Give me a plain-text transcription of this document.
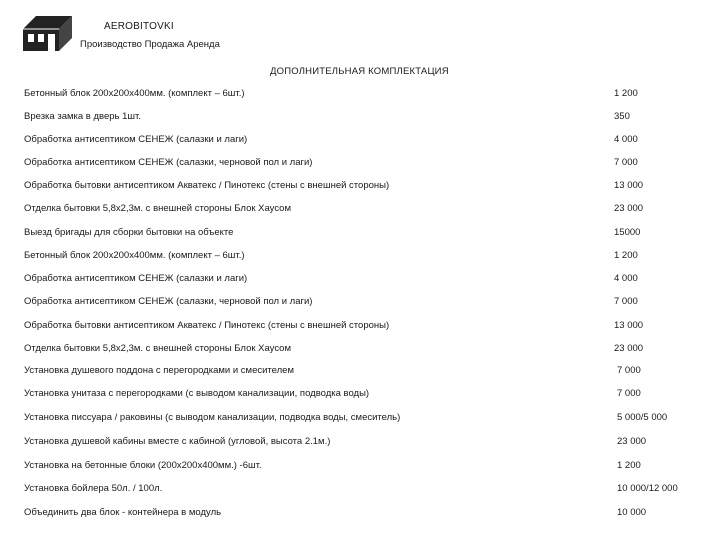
AEROBITOVKI
Производство Продажа Аренда
ДОПОЛНИТЕЛЬНАЯ КОМПЛЕКТАЦИЯ
Бетонный блок 200х200х400мм. (комплект – 6шт.)	1 200
Врезка замка в дверь 1шт.	350
Обработка антисептиком СЕНЕЖ (салазки и лаги)	4 000
Обработка антисептиком СЕНЕЖ (салазки, черновой пол и лаги)	7 000
Обработка бытовки антисептиком Акватекс / Пинотекс (стены с внешней стороны)	13 000
Отделка бытовки 5,8х2,3м. с внешней стороны Блок Хаусом	23 000
Выезд бригады для сборки бытовки на объекте	15000
Бетонный блок 200х200х400мм. (комплект – 6шт.)	1 200
Обработка антисептиком СЕНЕЖ (салазки и лаги)	4 000
Обработка антисептиком СЕНЕЖ (салазки, черновой пол и лаги)	7 000
Обработка бытовки антисептиком Акватекс / Пинотекс (стены с внешней стороны)	13 000
Отделка бытовки 5,8х2,3м. с внешней стороны Блок Хаусом	23 000
Установка душевого поддона с перегородками и смесителем	7 000
Установка унитаза с перегородками (с выводом канализации, подводка воды)	7 000
Установка писсуара / раковины (с выводом канализации, подводка воды, смеситель)	5 000/5 000
Установка душевой кабины вместе с кабиной (угловой, высота 2.1м.)	23 000
Установка на бетонные блоки (200х200х400мм.) -6шт.	1 200
Установка бойлера 50л. / 100л.	10 000/12 000
Объединить два блок - контейнера в модуль	10 000
